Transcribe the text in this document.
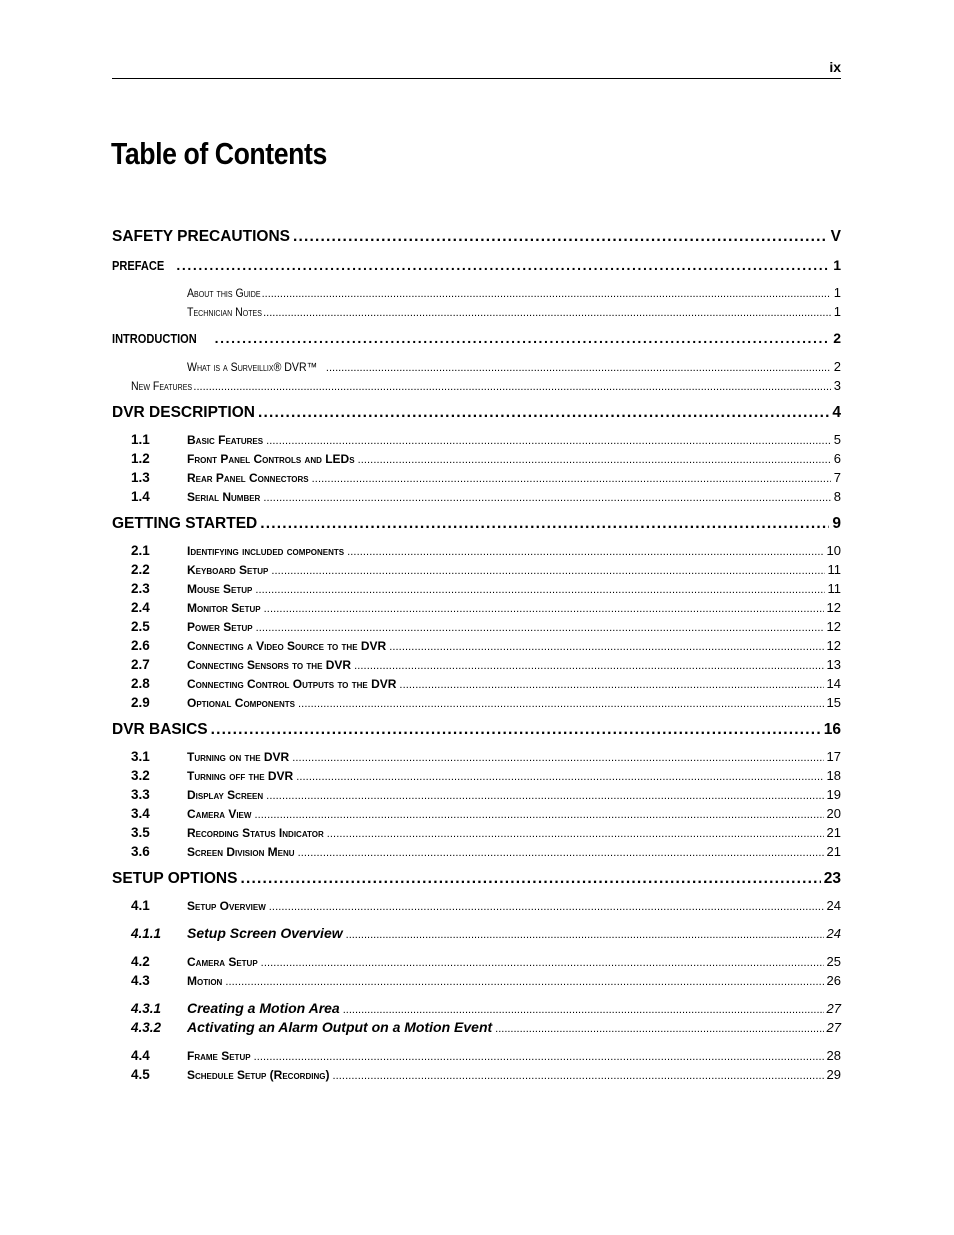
ix
Table of Contents
SAFETY PRECAUTIONS .....	V
PREFACE .....	1
About this Guide .....	1
Technician Notes .....	1
INTRODUCTION .....	2
What is a Surveillix® DVR™ .....	2
New Features .....	3
DVR DESCRIPTION .....	4
1.1	Basic Features .....	5
1.2	Front Panel Controls and LEDs .....	6
1.3	Rear Panel Connectors .....	7
1.4	Serial Number .....	8
GETTING STARTED .....	9
2.1	Identifying included components .....	10
2.2	Keyboard Setup .....	11
2.3	Mouse Setup .....	11
2.4	Monitor Setup .....	12
2.5	Power Setup .....	12
2.6	Connecting a Video Source to the DVR .....	12
2.7	Connecting Sensors to the DVR .....	13
2.8	Connecting Control Outputs to the DVR .....	14
2.9	Optional Components .....	15
DVR BASICS .....	16
3.1	Turning on the DVR .....	17
3.2	Turning off the DVR .....	18
3.3	Display Screen .....	19
3.4	Camera View .....	20
3.5	Recording Status Indicator .....	21
3.6	Screen Division Menu .....	21
SETUP OPTIONS .....	23
4.1	Setup Overview .....	24
4.1.1	Setup Screen Overview .....	24
4.2	Camera Setup .....	25
4.3	Motion .....	26
4.3.1	Creating a Motion Area .....	27
4.3.2	Activating an Alarm Output on a Motion Event .....	27
4.4	Frame Setup .....	28
4.5	Schedule Setup (Recording) .....	29
